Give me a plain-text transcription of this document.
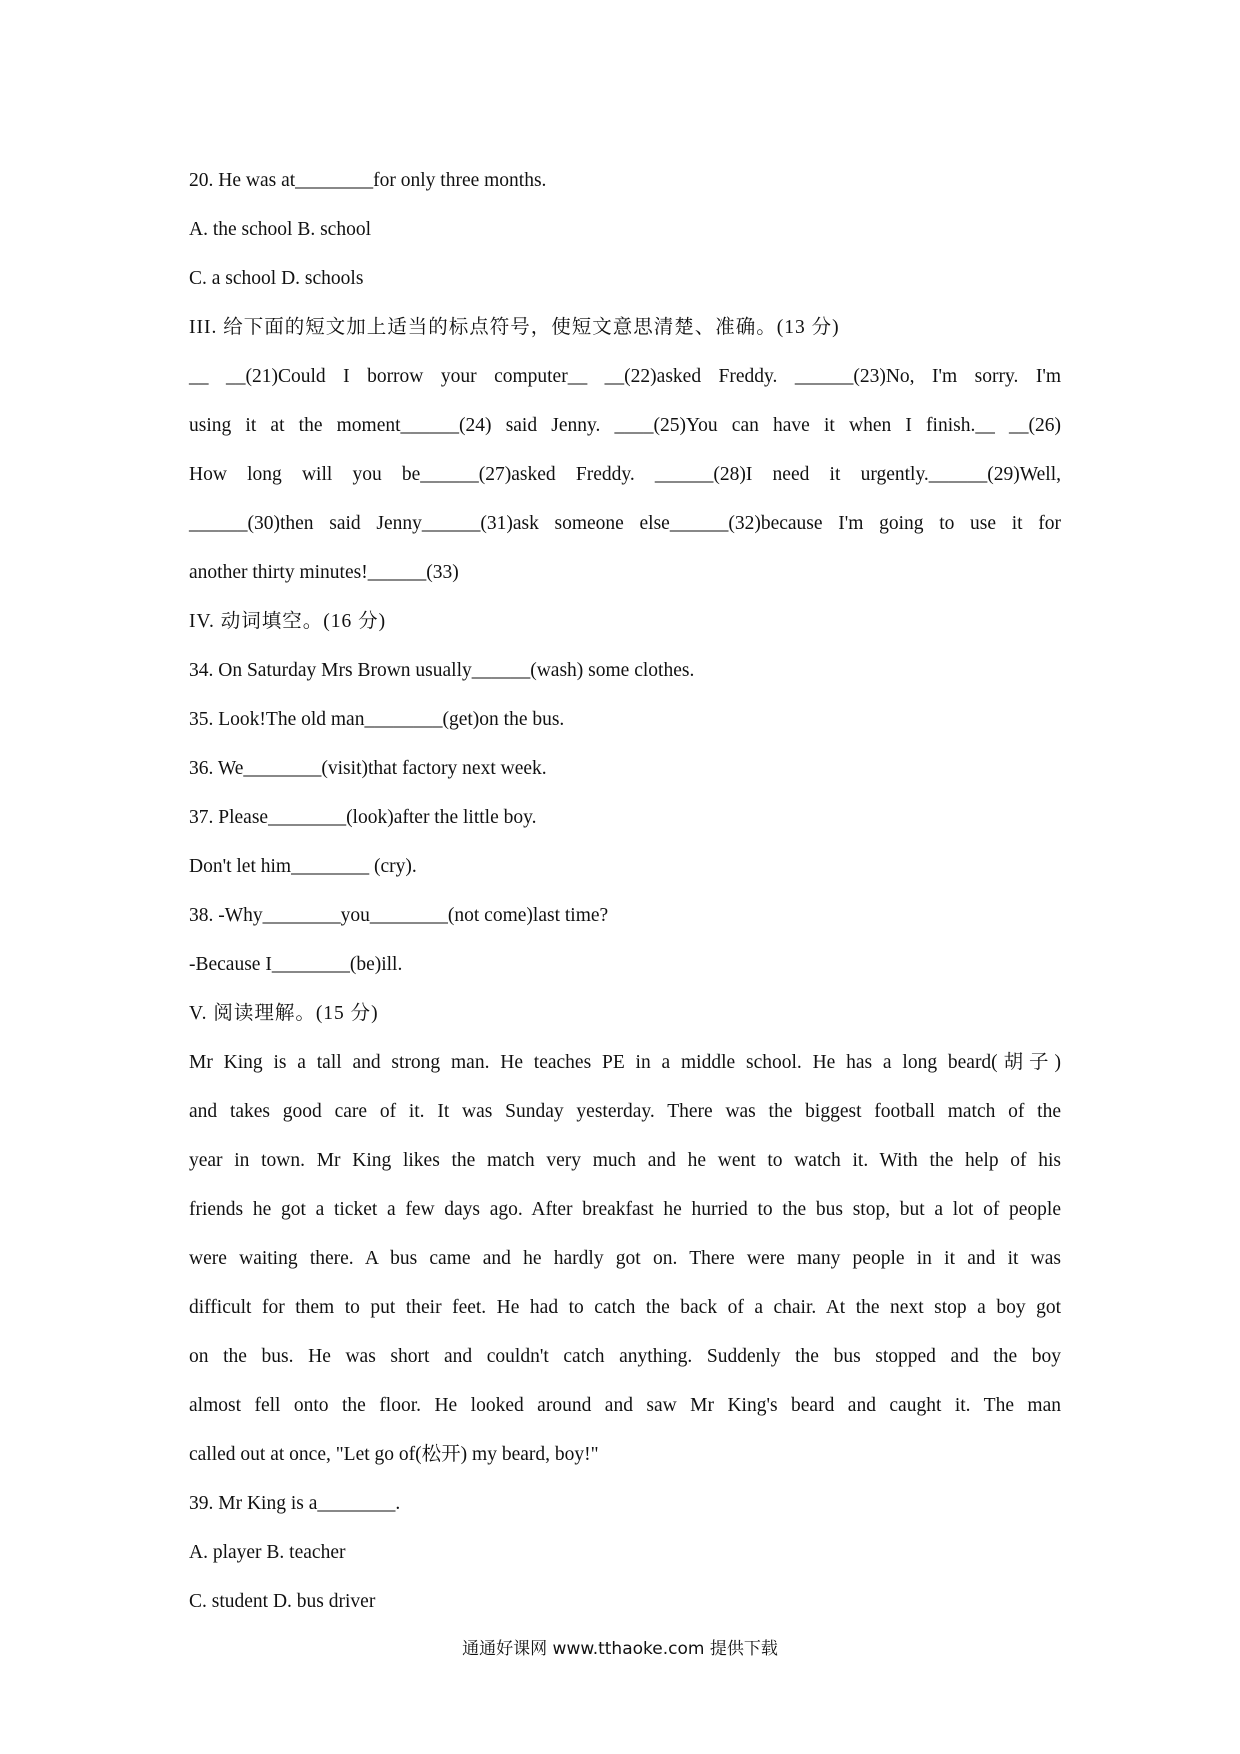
20. He was at________for only three months.
A. the school B. school
C. a school D. schools
III. 给下面的短文加上适当的标点符号，使短文意思清楚、准确。(13 分)

__ __(21)Could I borrow your computer__ __(22)asked Freddy. ______(23)No, I'm sorry. I'm

using it at the moment______(24) said Jenny. ____(25)You can have it when I finish.__ __(26)

How long will you be______(27)asked Freddy. ______(28)I need it urgently.______(29)Well,

______(30)then said Jenny______(31)ask someone else______(32)because I'm going to use it for

another thirty minutes!______(33)

IV. 动词填空。(16 分)
34. On Saturday Mrs Brown usually______(wash) some clothes.
35. Look!The old man________(get)on the bus.
36. We________(visit)that factory next week.
37. Please________(look)after the little boy.
Don't let him________ (cry).
38. -Why________you________(not come)last time?
-Because I________(be)ill.
V. 阅读理解。(15 分)

Mr King is a tall and strong man. He teaches PE in a middle school. He has a long beard(胡子)

and takes good care of it. It was Sunday yesterday. There was the biggest football match of the

year in town. Mr King likes the match very much and he went to watch it. With the help of his

friends he got a ticket a few days ago. After breakfast he hurried to the bus stop, but a lot of people

were waiting there. A bus came and he hardly got on. There were many people in it and it was

difficult for them to put their feet. He had to catch the back of a chair. At the next stop a boy got

on the bus. He was short and couldn't catch anything. Suddenly the bus stopped and the boy

almost fell onto the floor. He looked around and saw Mr King's beard and caught it. The man

called out at once, "Let go of(松开) my beard, boy!"

39. Mr King is a________.
A. player B. teacher
C. student D. bus driver
通通好课网 www.tthaoke.com 提供下载
